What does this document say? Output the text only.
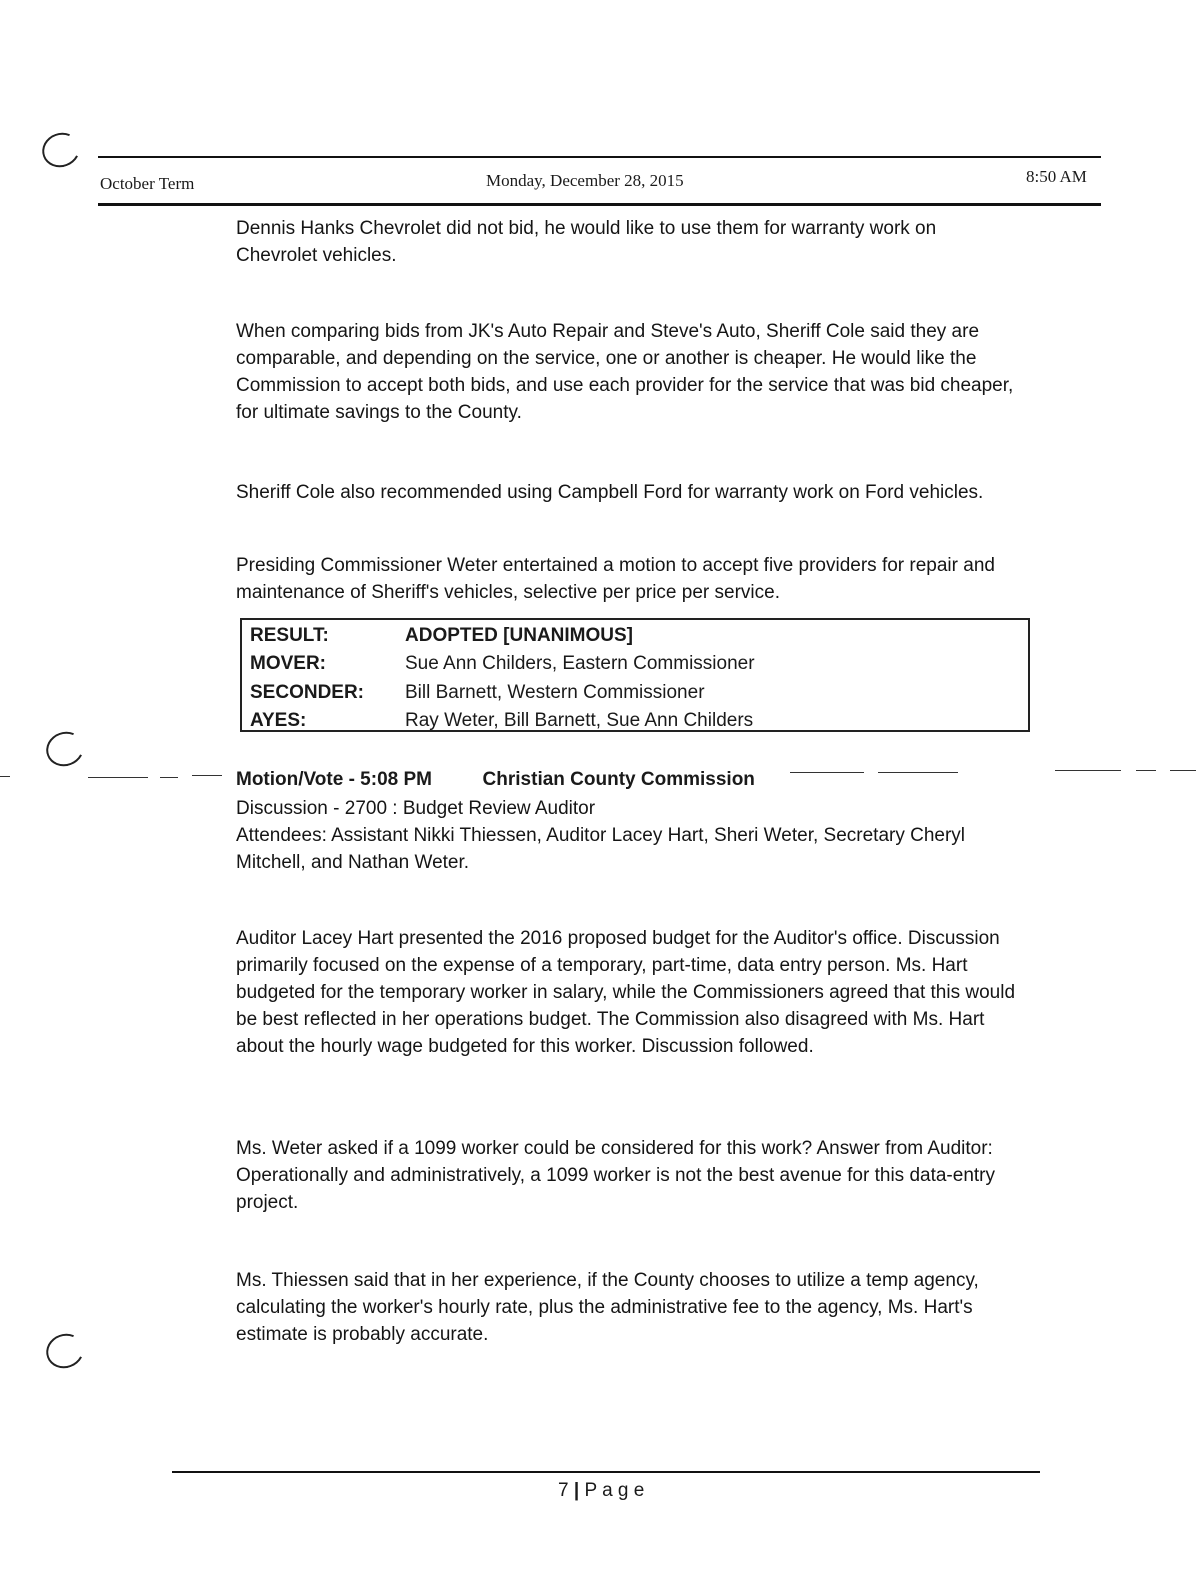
October Term	Monday, December 28, 2015	8:50 AM
Dennis Hanks Chevrolet did not bid, he would like to use them for warranty work on Chevrolet vehicles.
When comparing bids from JK's Auto Repair and Steve's Auto, Sheriff Cole said they are comparable, and depending on the service, one or another is cheaper. He would like the Commission to accept both bids, and use each provider for the service that was bid cheaper, for ultimate savings to the County.
Sheriff Cole also recommended using Campbell Ford for warranty work on Ford vehicles.
Presiding Commissioner Weter entertained a motion to accept five providers for repair and maintenance of Sheriff's vehicles, selective per price per service.
RESULT:	ADOPTED [UNANIMOUS]
MOVER:	Sue Ann Childers, Eastern Commissioner
SECONDER: Bill Barnett, Western Commissioner
AYES:	Ray Weter, Bill Barnett, Sue Ann Childers
Motion/Vote - 5:08 PM	Christian County Commission
Discussion - 2700 : Budget Review Auditor
Attendees: Assistant Nikki Thiessen, Auditor Lacey Hart, Sheri Weter, Secretary Cheryl Mitchell, and Nathan Weter.
Auditor Lacey Hart presented the 2016 proposed budget for the Auditor's office. Discussion primarily focused on the expense of a temporary, part-time, data entry person. Ms. Hart budgeted for the temporary worker in salary, while the Commissioners agreed that this would be best reflected in her operations budget. The Commission also disagreed with Ms. Hart about the hourly wage budgeted for this worker. Discussion followed.
Ms. Weter asked if a 1099 worker could be considered for this work? Answer from Auditor: Operationally and administratively, a 1099 worker is not the best avenue for this data-entry project.
Ms. Thiessen said that in her experience, if the County chooses to utilize a temp agency, calculating the worker's hourly rate, plus the administrative fee to the agency, Ms. Hart's estimate is probably accurate.
7 | P a g e
